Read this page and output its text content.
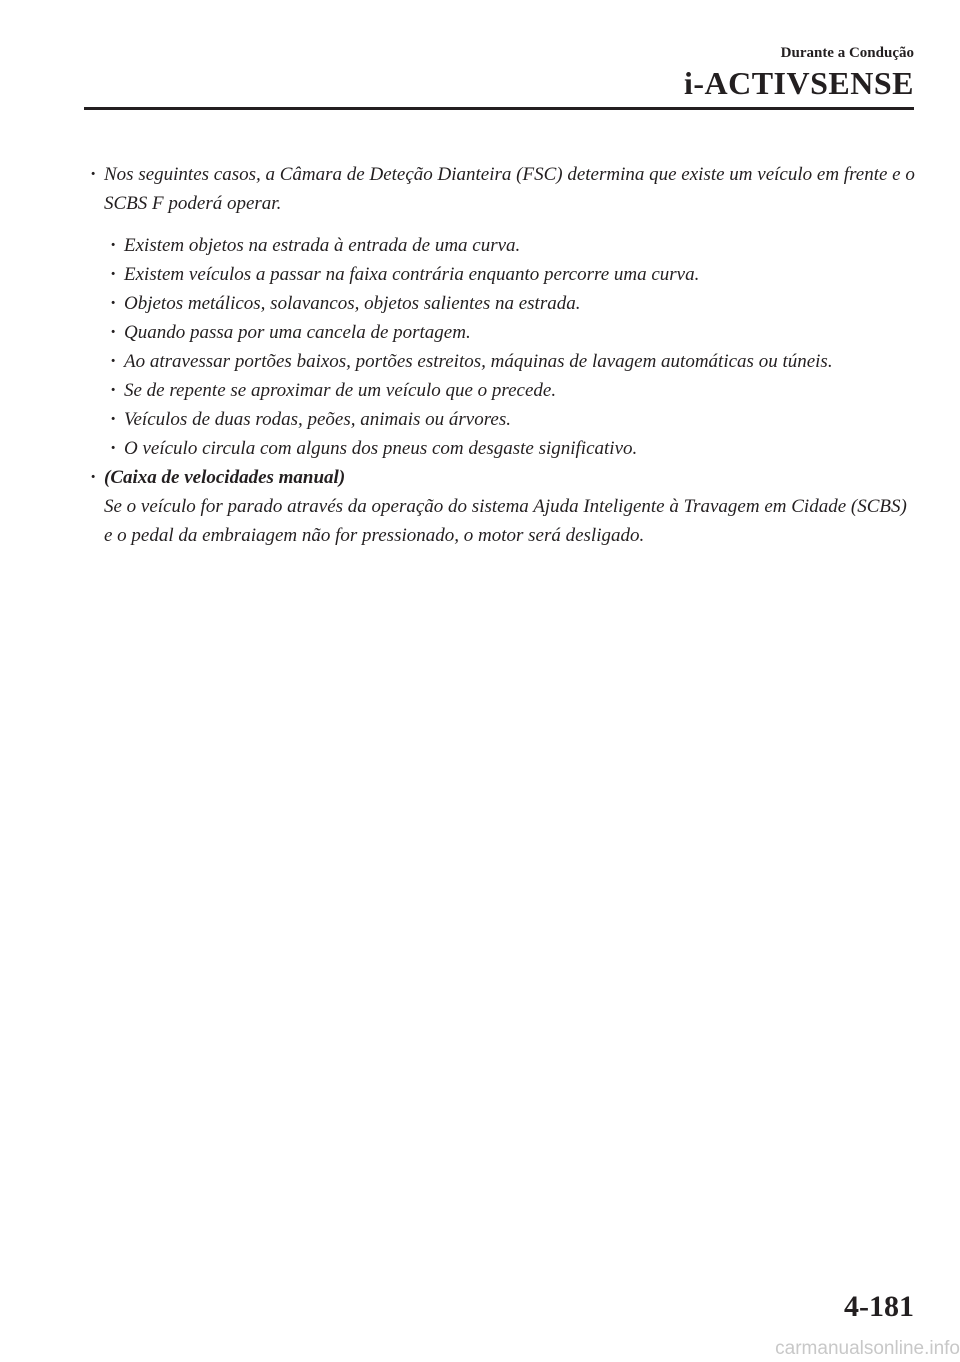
Durante a Condução
i-ACTIVSENSE
· Nos seguintes casos, a Câmara de Deteção Dianteira (FSC) determina que existe um veículo em frente e o SCBS F poderá operar.
· Existem objetos na estrada à entrada de uma curva.
· Existem veículos a passar na faixa contrária enquanto percorre uma curva.
· Objetos metálicos, solavancos, objetos salientes na estrada.
· Quando passa por uma cancela de portagem.
· Ao atravessar portões baixos, portões estreitos, máquinas de lavagem automáticas ou túneis.
· Se de repente se aproximar de um veículo que o precede.
· Veículos de duas rodas, peões, animais ou árvores.
· O veículo circula com alguns dos pneus com desgaste significativo.
· (Caixa de velocidades manual)
Se o veículo for parado através da operação do sistema Ajuda Inteligente à Travagem em Cidade (SCBS) e o pedal da embraiagem não for pressionado, o motor será desligado.
4-181
carmanualsonline.info
